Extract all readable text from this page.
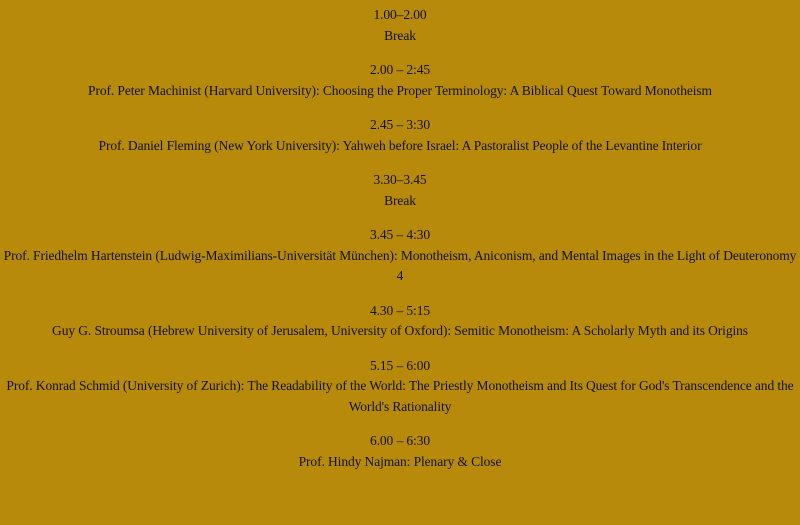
1.00–2.00
Break
2.00 – 2:45
Prof. Peter Machinist (Harvard University): Choosing the Proper Terminology: A Biblical Quest Toward Monotheism
2.45 – 3:30
Prof. Daniel Fleming (New York University): Yahweh before Israel: A Pastoralist People of the Levantine Interior
3.30–3.45
Break
3.45 – 4:30
Prof. Friedhelm Hartenstein (Ludwig-Maximilians-Universität München): Monotheism, Aniconism, and Mental Images in the Light of Deuteronomy 4
4.30 – 5:15
Guy G. Stroumsa (Hebrew University of Jerusalem, University of Oxford): Semitic Monotheism: A Scholarly Myth and its Origins
5.15 – 6:00
Prof. Konrad Schmid (University of Zurich): The Readability of the World: The Priestly Monotheism and Its Quest for God's Transcendence and the World's Rationality
6.00 – 6:30
Prof. Hindy Najman: Plenary & Close
